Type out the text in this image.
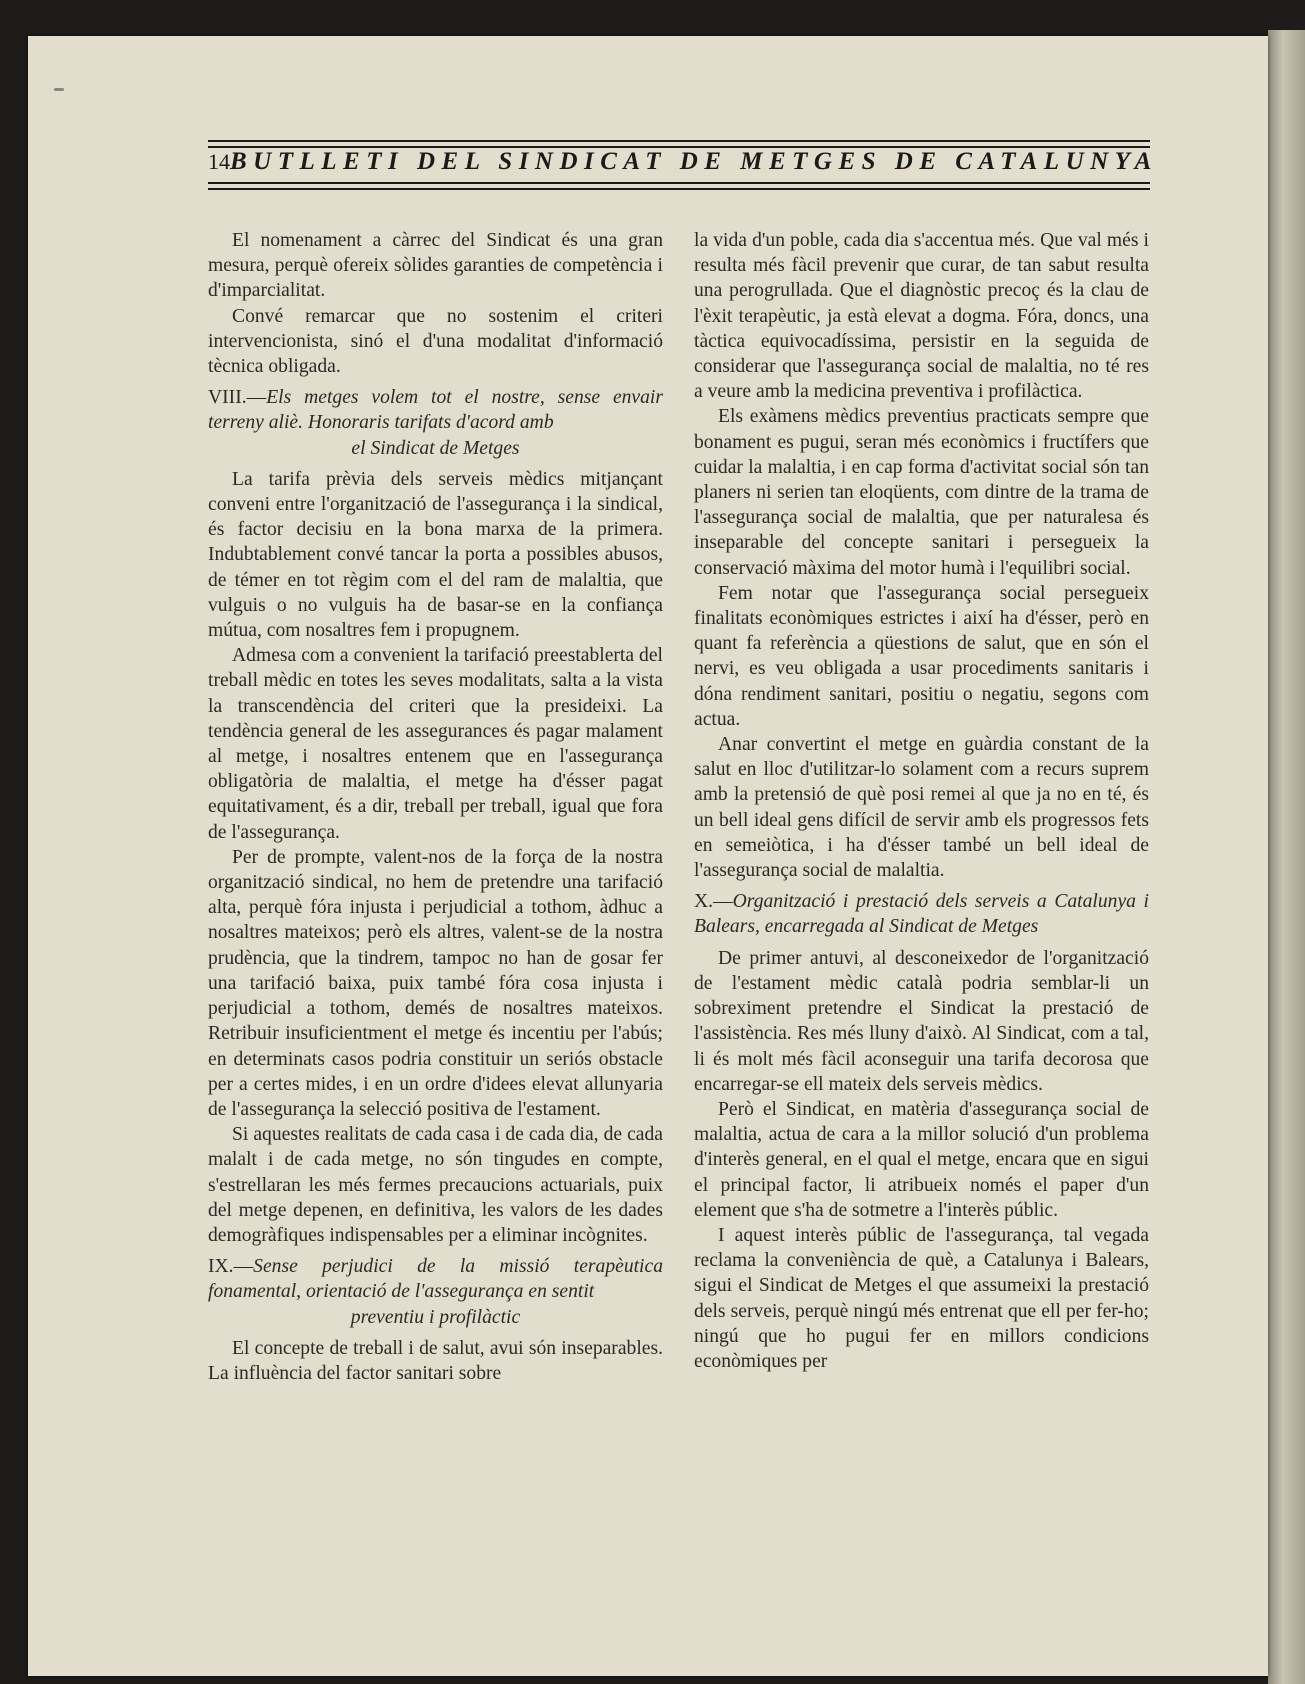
14 BUTLLETI DEL SINDICAT DE METGES DE CATALUNYA

El nomenament a càrrec del Sindicat és una gran mesura, perquè ofereix sòlides garanties de competència i d'imparcialitat.

Convé remarcar que no sostenim el criteri intervencionista, sinó el d'una modalitat d'informació tècnica obligada.

VIII.—Els metges volem tot el nostre, sense envair terreny aliè. Honoraris tarifats d'acord amb
el Sindicat de Metges

La tarifa prèvia dels serveis mèdics mitjançant conveni entre l'organització de l'assegurança i la sindical, és factor decisiu en la bona marxa de la primera. Indubtablement convé tancar la porta a possibles abusos, de témer en tot règim com el del ram de malaltia, que vulguis o no vulguis ha de basar-se en la confiança mútua, com nosaltres fem i propugnem.

Admesa com a convenient la tarifació preestablerta del treball mèdic en totes les seves modalitats, salta a la vista la transcendència del criteri que la presideixi. La tendència general de les assegurances és pagar malament al metge, i nosaltres entenem que en l'assegurança obligatòria de malaltia, el metge ha d'ésser pagat equitativament, és a dir, treball per treball, igual que fora de l'assegurança.

Per de prompte, valent-nos de la força de la nostra organització sindical, no hem de pretendre una tarifació alta, perquè fóra injusta i perjudicial a tothom, àdhuc a nosaltres mateixos; però els altres, valent-se de la nostra prudència, que la tindrem, tampoc no han de gosar fer una tarifació baixa, puix també fóra cosa injusta i perjudicial a tothom, demés de nosaltres mateixos. Retribuir insuficientment el metge és incentiu per l'abús; en determinats casos podria constituir un seriós obstacle per a certes mides, i en un ordre d'idees elevat allunyaria de l'assegurança la selecció positiva de l'estament.

Si aquestes realitats de cada casa i de cada dia, de cada malalt i de cada metge, no són tingudes en compte, s'estrellaran les més fermes precaucions actuarials, puix del metge depenen, en definitiva, les valors de les dades demogràfiques indispensables per a eliminar incògnites.

IX.—Sense perjudici de la missió terapèutica fonamental, orientació de l'assegurança en sentit
preventiu i profilàctic

El concepte de treball i de salut, avui són inseparables. La influència del factor sanitari sobre

la vida d'un poble, cada dia s'accentua més. Que val més i resulta més fàcil prevenir que curar, de tan sabut resulta una perogrullada. Que el diagnòstic precoç és la clau de l'èxit terapèutic, ja està elevat a dogma. Fóra, doncs, una tàctica equivocadíssima, persistir en la seguida de considerar que l'assegurança social de malaltia, no té res a veure amb la medicina preventiva i profilàctica.

Els exàmens mèdics preventius practicats sempre que bonament es pugui, seran més econòmics i fructífers que cuidar la malaltia, i en cap forma d'activitat social són tan planers ni serien tan eloqüents, com dintre de la trama de l'assegurança social de malaltia, que per naturalesa és inseparable del concepte sanitari i persegueix la conservació màxima del motor humà i l'equilibri social.

Fem notar que l'assegurança social persegueix finalitats econòmiques estrictes i així ha d'ésser, però en quant fa referència a qüestions de salut, que en són el nervi, es veu obligada a usar procediments sanitaris i dóna rendiment sanitari, positiu o negatiu, segons com actua.

Anar convertint el metge en guàrdia constant de la salut en lloc d'utilitzar-lo solament com a recurs suprem amb la pretensió de què posi remei al que ja no en té, és un bell ideal gens difícil de servir amb els progressos fets en semeiòtica, i ha d'ésser també un bell ideal de l'assegurança social de malaltia.

X.—Organització i prestació dels serveis a Catalunya i Balears, encarregada al Sindicat de Metges

De primer antuvi, al desconeixedor de l'organització de l'estament mèdic català podria semblar-li un sobreximent pretendre el Sindicat la prestació de l'assistència. Res més lluny d'això. Al Sindicat, com a tal, li és molt més fàcil aconseguir una tarifa decorosa que encarregar-se ell mateix dels serveis mèdics.

Però el Sindicat, en matèria d'assegurança social de malaltia, actua de cara a la millor solució d'un problema d'interès general, en el qual el metge, encara que en sigui el principal factor, li atribueix només el paper d'un element que s'ha de sotmetre a l'interès públic.

I aquest interès públic de l'assegurança, tal vegada reclama la conveniència de què, a Catalunya i Balears, sigui el Sindicat de Metges el que assumeixi la prestació dels serveis, perquè ningú més entrenat que ell per fer-ho; ningú que ho pugui fer en millors condicions econòmiques per
